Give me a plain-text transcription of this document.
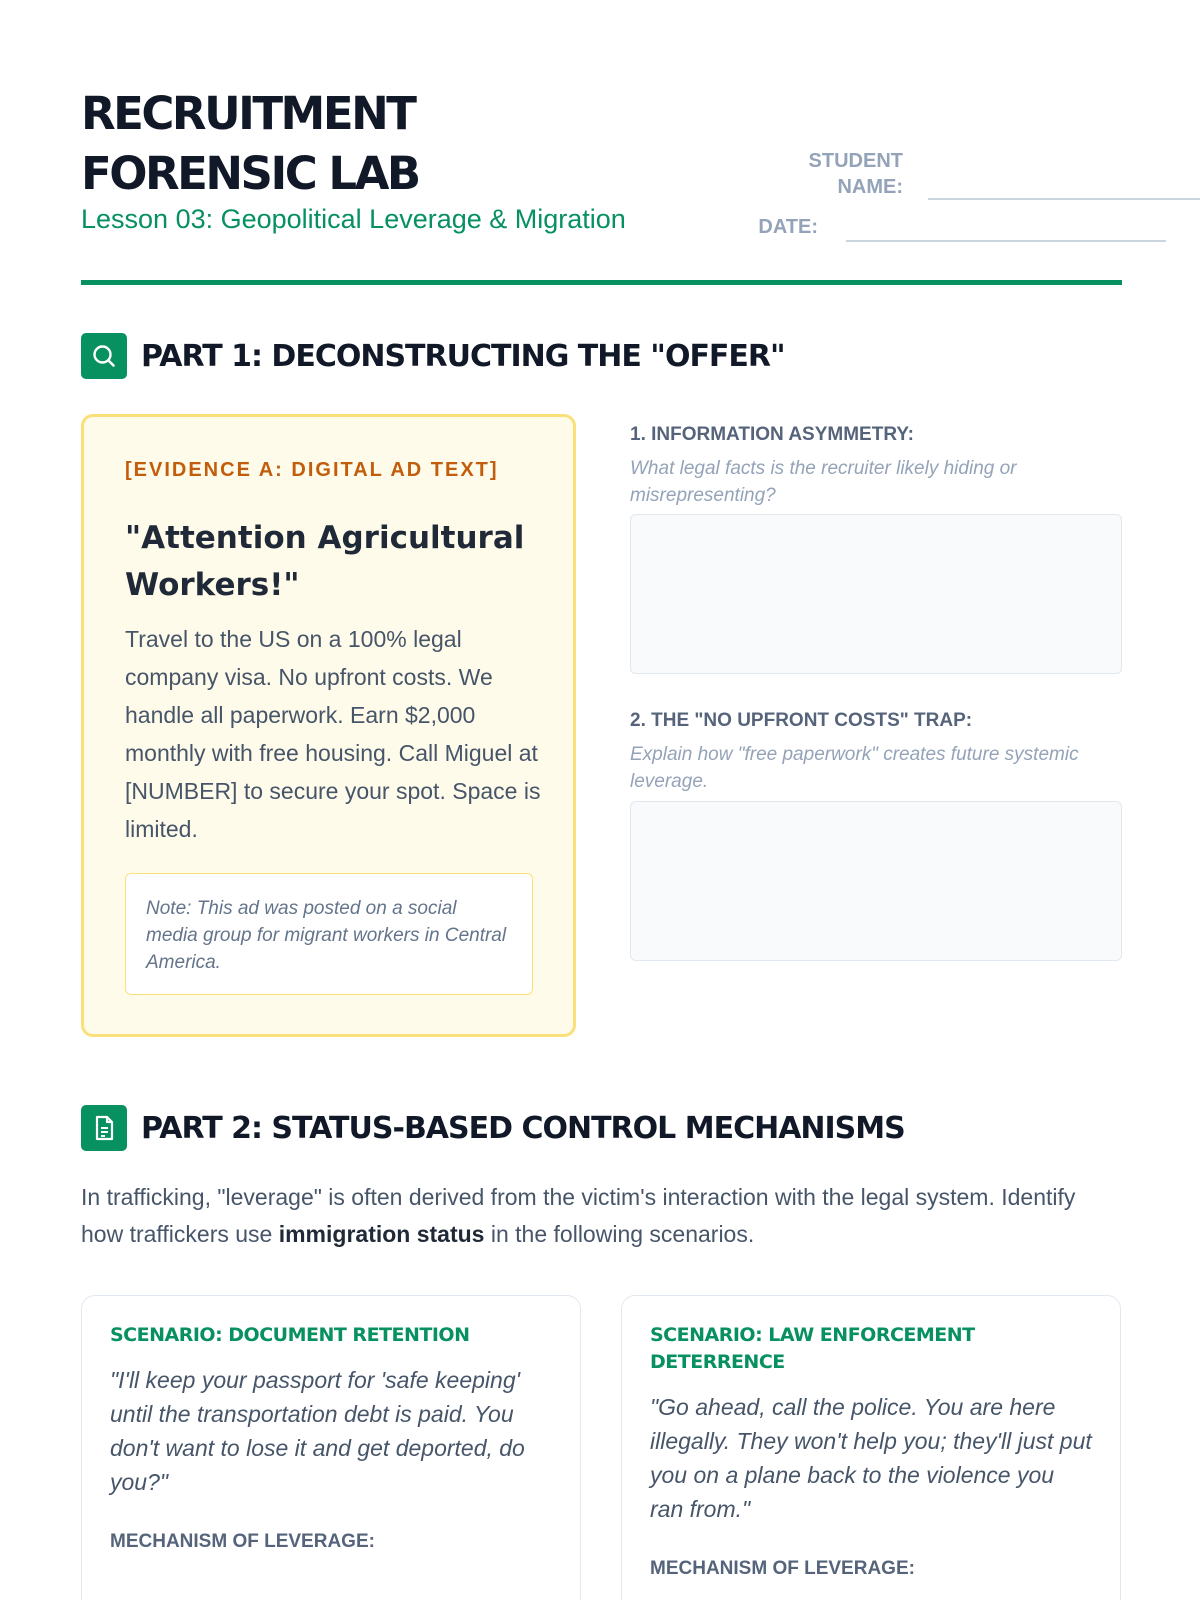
RECRUITMENT
FORENSIC LAB
Lesson 03: Geopolitical Leverage & Migration
STUDENT
NAME:
DATE:
PART 1: DECONSTRUCTING THE "OFFER"
[EVIDENCE A: DIGITAL AD TEXT]
"Attention Agricultural Workers!"
Travel to the US on a 100% legal company visa. No upfront costs. We handle all paperwork. Earn $2,000 monthly with free housing. Call Miguel at [NUMBER] to secure your spot. Space is limited.
Note: This ad was posted on a social media group for migrant workers in Central America.
1. INFORMATION ASYMMETRY:
What legal facts is the recruiter likely hiding or misrepresenting?
2. THE "NO UPFRONT COSTS" TRAP:
Explain how "free paperwork" creates future systemic leverage.
PART 2: STATUS-BASED CONTROL MECHANISMS

In trafficking, "leverage" is often derived from the victim's interaction with the legal system. Identify how traffickers use immigration status in the following scenarios.

SCENARIO: DOCUMENT RETENTION
"I'll keep your passport for 'safe keeping' until the transportation debt is paid. You don't want to lose it and get deported, do you?"
MECHANISM OF LEVERAGE:
SCENARIO: LAW ENFORCEMENT DETERRENCE
"Go ahead, call the police. You are here illegally. They won't help you; they'll just put you on a plane back to the violence you ran from."
MECHANISM OF LEVERAGE:
